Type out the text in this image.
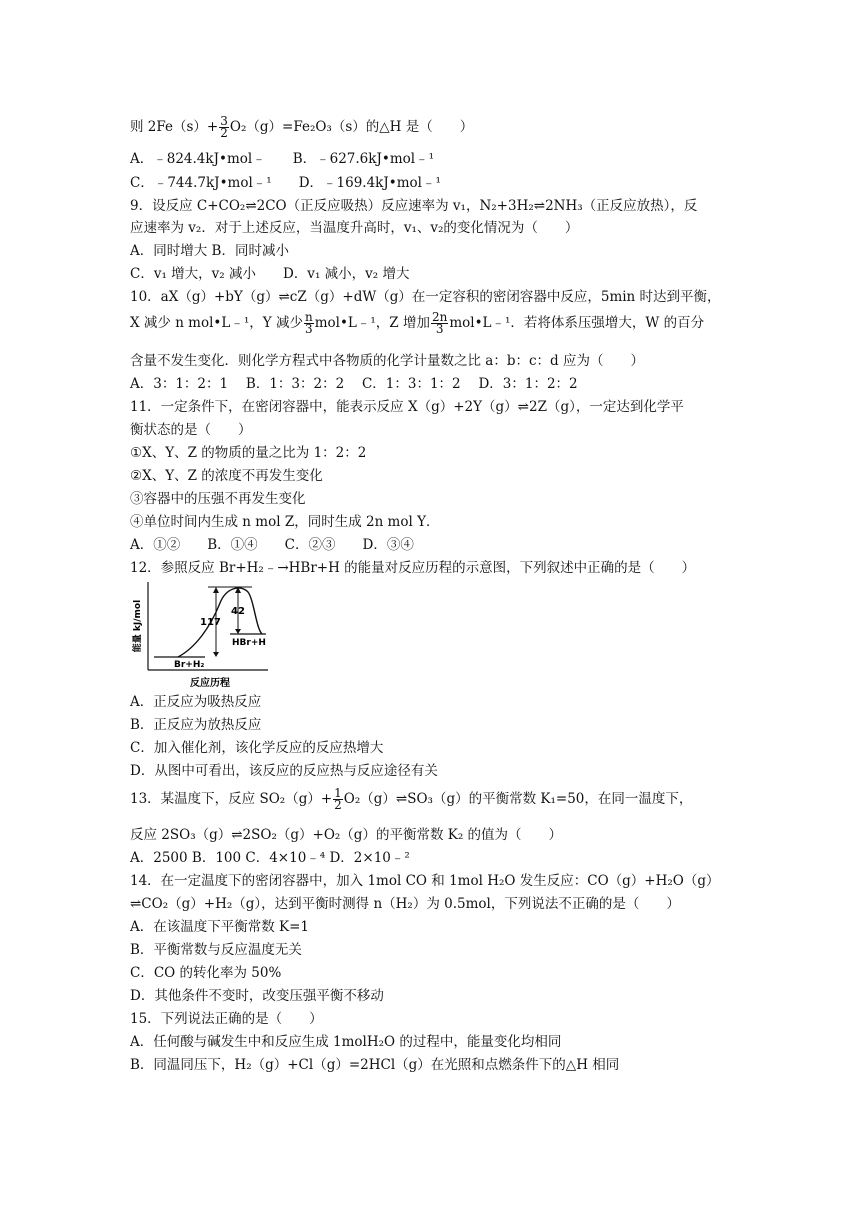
则 $2Fe(s)+ \frac{3}{2} O_2(g)=Fe_2O_3(s)$的△H 是（　　）
A．﹣824.4kJ•mol﹣　　B．﹣627.6kJ•mol﹣¹
C．﹣744.7kJ•mol﹣¹　　D．﹣169.4kJ•mol﹣¹
9．设反应 C+CO₂⇌2CO（正反应吸热）反应速率为 v₁，N₂+3H₂⇌2NH₃（正反应放热），反
应速率为 v₂．对于上述反应，当温度升高时，v₁、v₂的变化情况为（　　）
A．同时增大 B．同时减小
C．v₁ 增大，v₂ 减小　　D．v₁ 减小，v₂ 增大
10．aX（g）+bY（g）⇌cZ（g）+dW（g）在一定容积的密闭容器中反应，5min 时达到平衡，
X 减少 n mol•L﹣¹，Y 减少 $\frac{n}{3}$ mol•L﹣¹，Z 增加 $\frac{2n}{3}$ mol•L﹣¹．若将体系压强增大，W 的百分
含量不发生变化．则化学方程式中各物质的化学计量数之比 a：b：c：d 应为（　　）
A．3：1：2：1　 B．1：3：2：2　 C．1：3：1：2　 D．3：1：2：2
11．一定条件下，在密闭容器中，能表示反应 X（g）+2Y（g）⇌2Z（g），一定达到化学平
衡状态的是（　　）
①X、Y、Z 的物质的量之比为 1：2：2
②X、Y、Z 的浓度不再发生变化
③容器中的压强不再发生变化
④单位时间内生成 n mol Z，同时生成 2n mol Y．
A．①②　　B．①④　　C．②③　　D．③④
12．参照反应 Br+H₂﹣→HBr+H 的能量对反应历程的示意图，下列叙述中正确的是（　　）
能量 kJ/mol	117
42
HBr+H
Br+H₂
反应历程
A．正反应为吸热反应
B．正反应为放热反应
C．加入催化剂，该化学反应的反应热增大
D．从图中可看出，该反应的反应热与反应途径有关
13．某温度下，反应 $SO_2(g)+ \frac{1}{2}$ O₂（g）⇌SO₃（g）的平衡常数 K₁=50，在同一温度下，
反应 2SO₃（g）⇌2SO₂（g）+O₂（g）的平衡常数 K₂ 的值为（　　）
A．2500 B．100 C．4×10﹣⁴ D．2×10﹣²
14．在一定温度下的密闭容器中，加入 1mol CO 和 1mol H₂O 发生反应：CO（g）+H₂O（g）
⇌CO₂（g）+H₂（g），达到平衡时测得 n（H₂）为 0.5mol，下列说法不正确的是（　　）
A．在该温度下平衡常数 K=1
B．平衡常数与反应温度无关
C．CO 的转化率为 50%
D．其他条件不变时，改变压强平衡不移动
15．下列说法正确的是（　　）
A．任何酸与碱发生中和反应生成 1molH₂O 的过程中，能量变化均相同
B．同温同压下，H₂（g）+Cl（g）=2HCl（g）在光照和点燃条件下的△H 相同
